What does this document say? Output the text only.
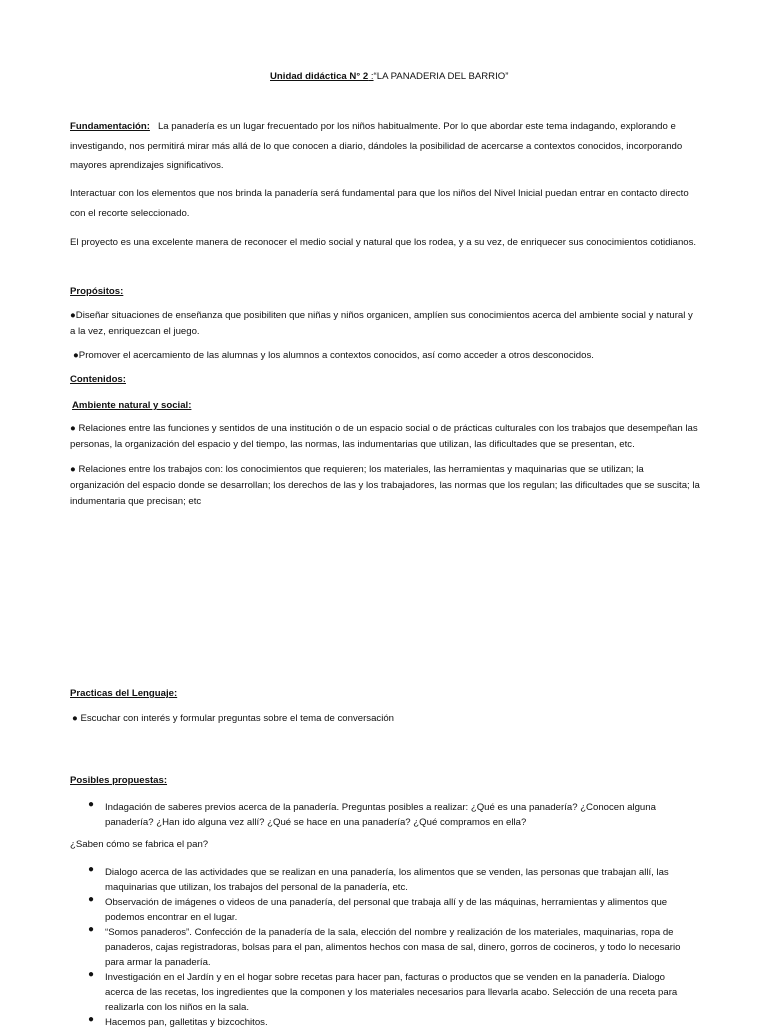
Unidad didáctica N° 2 :“LA PANADERIA DEL BARRIO”

Fundamentación: La panadería es un lugar frecuentado por los niños habitualmente. Por lo que abordar este tema indagando, explorando e investigando, nos permitirá mirar más allá de lo que conocen a diario, dándoles la posibilidad de acercarse a contextos conocidos, incorporando mayores aprendizajes significativos.

Interactuar con los elementos que nos brinda la panadería será fundamental para que los niños del Nivel Inicial puedan entrar en contacto directo con el recorte seleccionado.

El proyecto es una excelente manera de reconocer el medio social y natural que los rodea, y a su vez, de enriquecer sus conocimientos cotidianos.

Propósitos:

●Diseñar situaciones de enseñanza que posibiliten que niñas y niños organicen, amplíen sus conocimientos acerca del ambiente social y natural y a la vez, enriquezcan el juego.

●Promover el acercamiento de las alumnas y los alumnos a contextos conocidos, así como acceder a otros desconocidos.

Contenidos:
Ambiente natural y social:

● Relaciones entre las funciones y sentidos de una institución o de un espacio social o de prácticas culturales con los trabajos que desempeñan las personas, la organización del espacio y del tiempo, las normas, las indumentarias que utilizan, las dificultades que se presentan, etc.

● Relaciones entre los trabajos con: los conocimientos que requieren; los materiales, las herramientas y maquinarias que se utilizan; la organización del espacio donde se desarrollan; los derechos de las y los trabajadores, las normas que los regulan; las dificultades que se suscita; la indumentaria que precisan; etc

Practicas del Lenguaje:
● Escuchar con interés y formular preguntas sobre el tema de conversación
Posibles propuestas:
● Indagación de saberes previos acerca de la panadería. Preguntas posibles a realizar: ¿Qué es una panadería? ¿Conocen alguna panadería? ¿Han ido alguna vez allí? ¿Qué se hace en una panadería? ¿Qué compramos en ella?
¿Saben cómo se fabrica el pan?
● Dialogo acerca de las actividades que se realizan en una panadería, los alimentos que se venden, las personas que trabajan allí, las maquinarias que utilizan, los trabajos del personal de la panadería, etc.
● Observación de imágenes o videos de una panadería, del personal que trabaja allí y de las máquinas, herramientas y alimentos que podemos encontrar en el lugar.
● “Somos panaderos”. Confección de la panadería de la sala, elección del nombre y realización de los materiales, maquinarias, ropa de panaderos, cajas registradoras, bolsas para el pan, alimentos hechos con masa de sal, dinero, gorros de cocineros, y todo lo necesario para armar la panadería.
● Investigación en el Jardín y en el hogar sobre recetas para hacer pan, facturas o productos que se venden en la panadería. Dialogo acerca de las recetas, los ingredientes que la componen y los materiales necesarios para llevarla acabo. Selección de una receta para realizarla con los niños en la sala.
● Hacemos pan, galletitas y bizcochitos.
